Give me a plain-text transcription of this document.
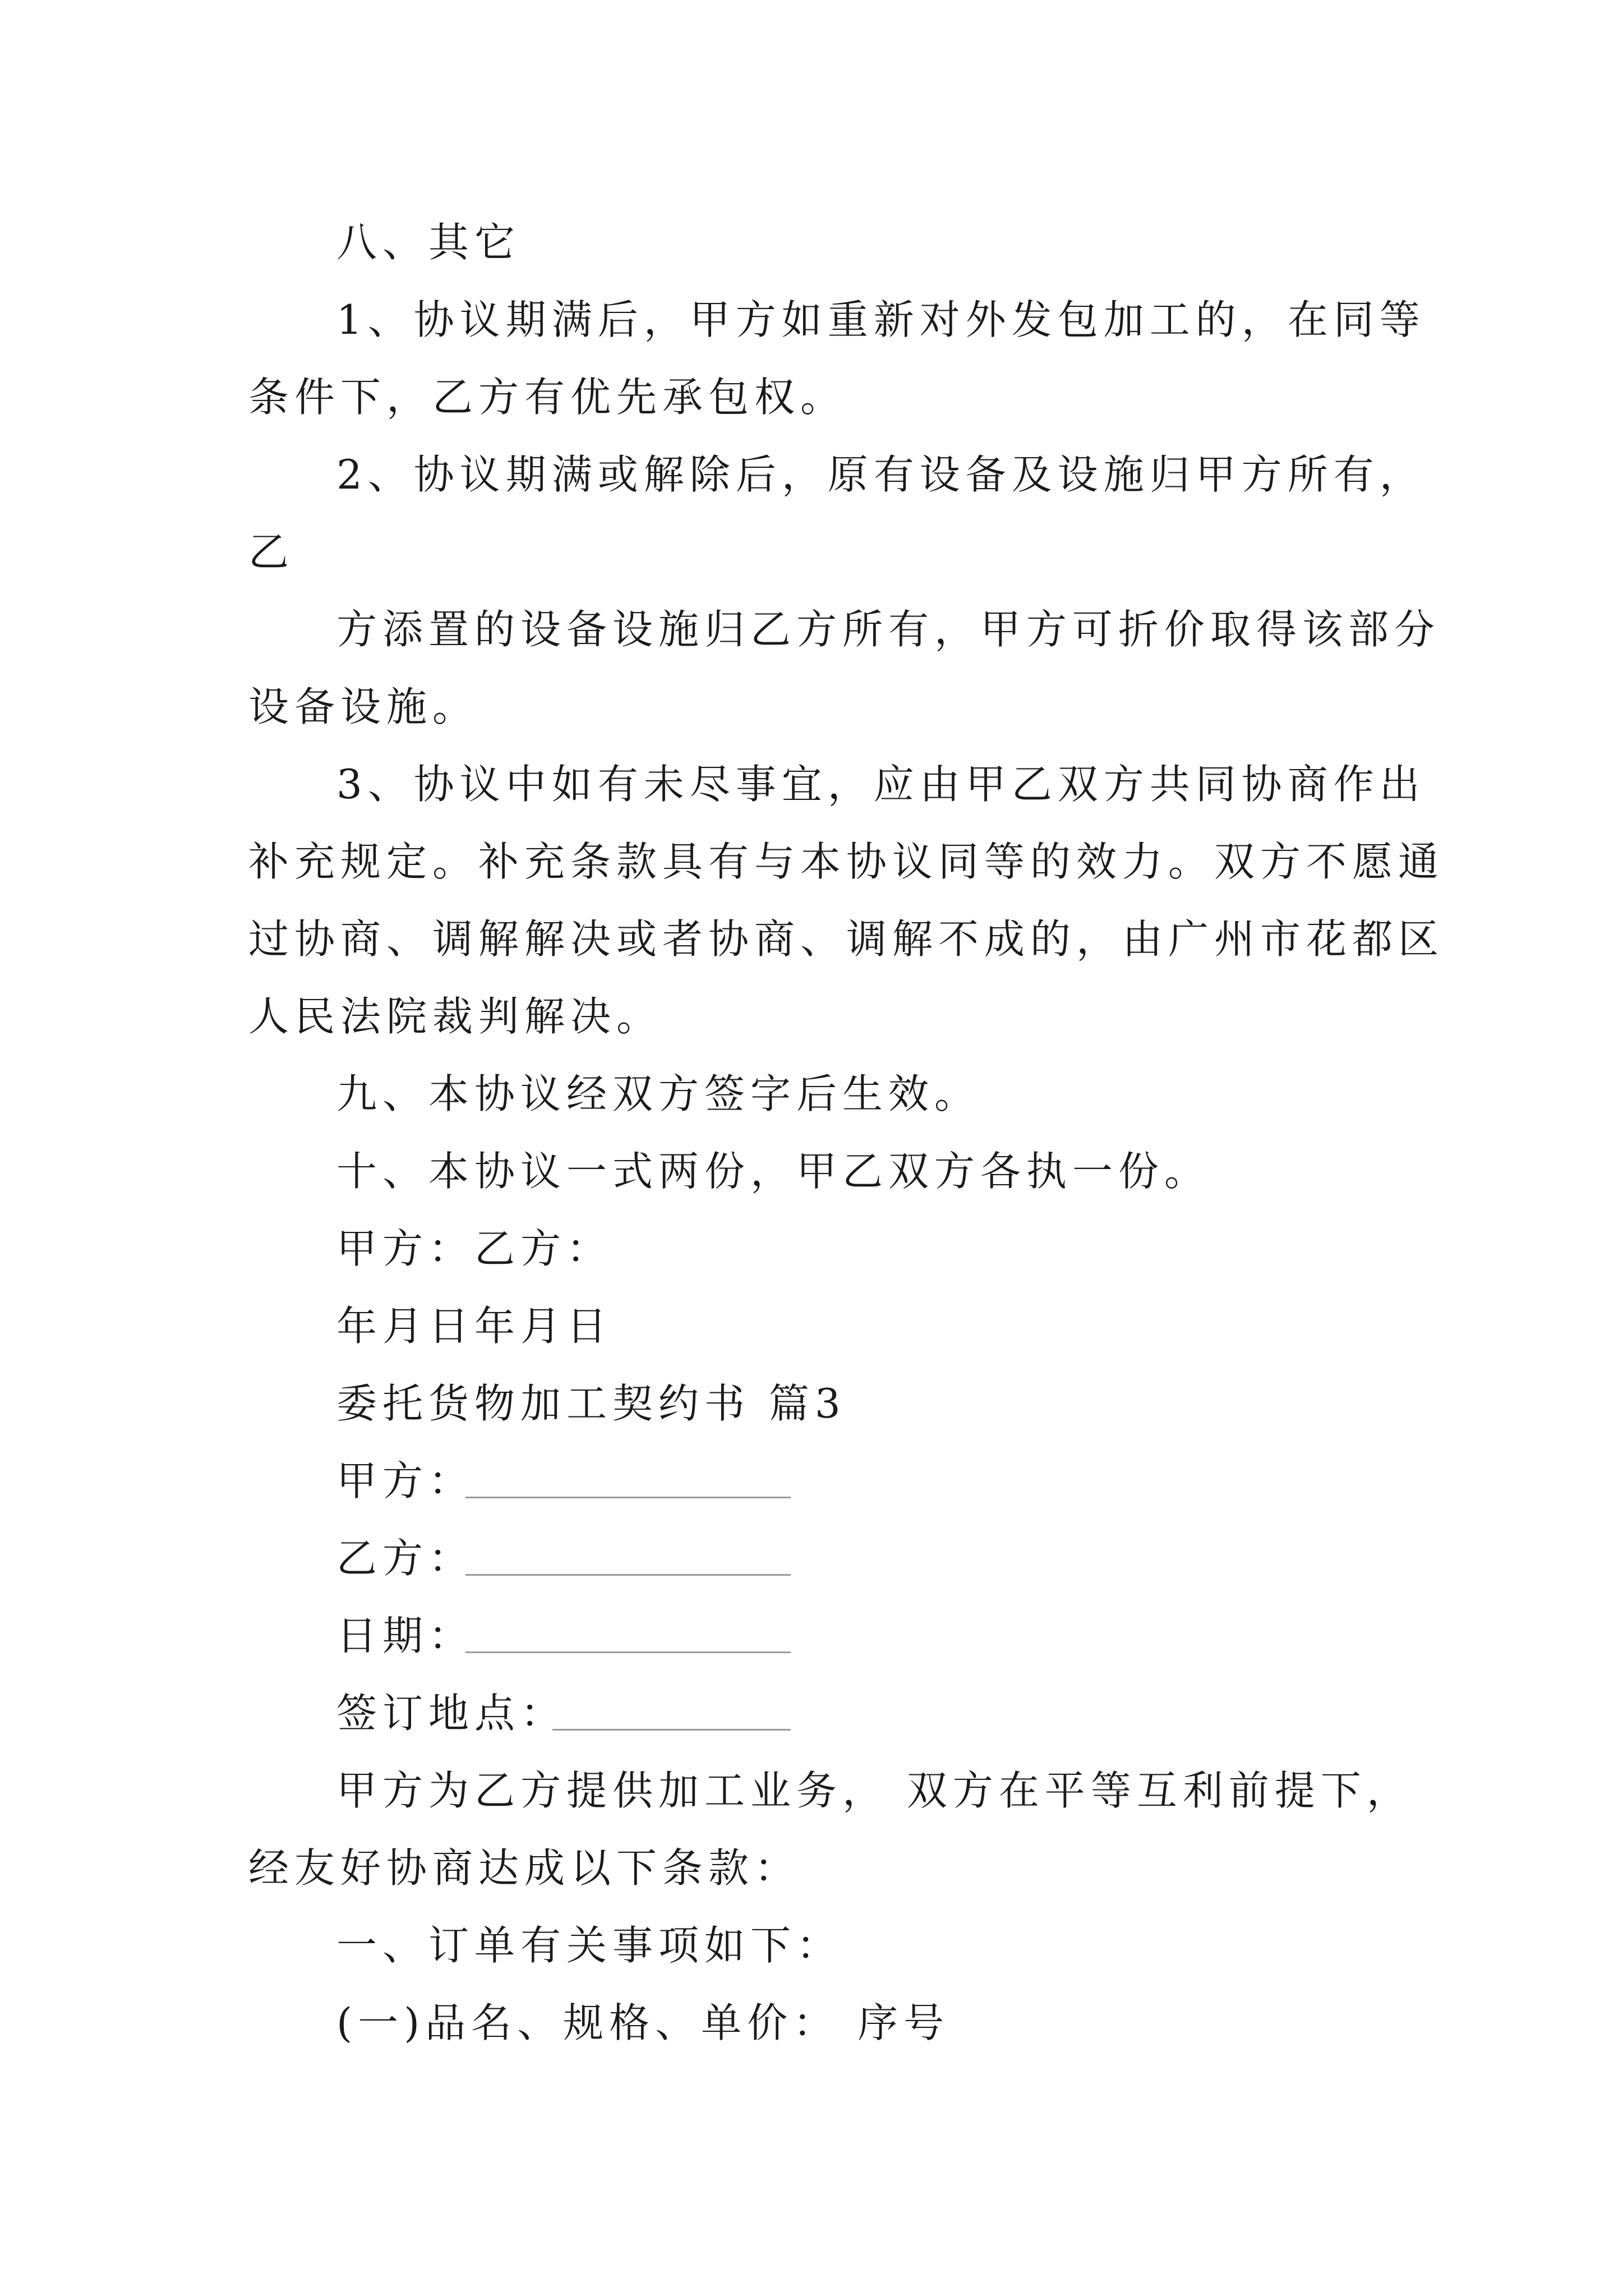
八、其它
1、协议期满后，甲方如重新对外发包加工的，在同等
条件下，乙方有优先承包权。
2、协议期满或解除后，原有设备及设施归甲方所有，
乙
方添置的设备设施归乙方所有，甲方可折价取得该部分
设备设施。
3、协议中如有未尽事宜，应由甲乙双方共同协商作出
补充规定。补充条款具有与本协议同等的效力。双方不愿通
过协商、调解解决或者协商、调解不成的，由广州市花都区
人民法院裁判解决。
九、本协议经双方签字后生效。
十、本协议一式两份，甲乙双方各执一份。
甲方：乙方：
年月日年月日
委托货物加工契约书 篇3
甲方：
乙方：
日期：
签订地点：
甲方为乙方提供加工业务， 双方在平等互利前提下，
经友好协商达成以下条款：
一、订单有关事项如下：
(一)品名、规格、单价： 序号
